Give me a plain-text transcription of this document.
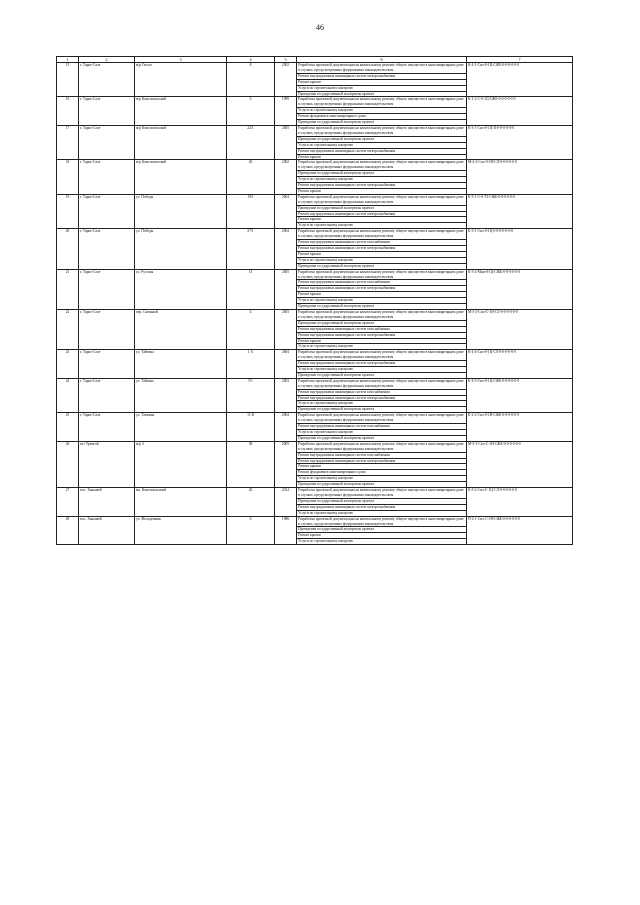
46
1	2	3	4	5	6	7
15	г. Тарко-Сале	м/р Геолог	8	2002	Разработка проектной документации на капитальному ремонту общего имущества в многоквартирном доме в случаях, предусмотренных федеральным законодательством	К-4-1-Сил-0-1Ц-СЖБ-0-0-0-0-0-0
					Ремонт внутридомовых инженерных систем электроснабжения	
					Ремонт крыши	
					Услуги по строительному контролю	
					Проведение государственной экспертизы проекта	
16	г. Тарко-Сале	м/р Комсомольский	5	1999	Разработка проектной документации на капитальному ремонту общего имущества в многоквартирном доме в случаях, предусмотренных федеральным законодательством	К-1-2-С-0-1Ц-СЖБ-0-0-0-0-0-0
					Услуги по строительному контролю	
					Ремонт фундамента многоквартирного дома	
					Проведение государственной экспертизы проекта	
17	г. Тарко-Сале	м/р Комсомольский	22/1	2005	Разработка проектной документации на капитальному ремонту общего имущества в многоквартирном доме в случаях, предусмотренных федеральным законодательством	К-3-1-Сил-0-1Ц-П-0-0-0-0-0-0
					Проведение государственной экспертизы проекта	
					Услуги по строительному контролю	
					Ремонт внутридомовых инженерных систем электроснабжения	
					Ремонт крыши	
18	г. Тарко-Сале	м/р Комсомольский	26	2002	Разработка проектной документации на капитальному ремонту общего имущества в многоквартирном доме в случаях, предусмотренных федеральным законодательством	М-2-2-Сил-0-1Н-СЛ-0-0-0-0-0-0
					Проведение государственной экспертизы проекта	
					Услуги по строительному контролю	
					Ремонт внутридомовых инженерных систем электроснабжения	
					Ремонт крыши	
19	г. Тарко-Сале	ул. Победы	19/1	2004	Разработка проектной документации на капитальному ремонту общего имущества в многоквартирном доме в случаях, предусмотренных федеральным законодательством	К-3-1-С-0-ТЗ-СЖБ-0-0-0-0-0-0
					Проведение государственной экспертизы проекта	
					Ремонт внутридомовых инженерных систем электроснабжения	
					Ремонт крыши	
					Услуги по строительному контролю	
20	г. Тарко-Сале	ул. Победы	27/1	2004	Разработка проектной документации на капитальному ремонту общего имущества в многоквартирном доме в случаях, предусмотренных федеральным законодательством	К-3-1-Сил-0-1Ц-0-0-0-0-0-0-0
					Ремонт внутридомовых инженерных систем газоснабжения	
					Ремонт внутридомовых инженерных систем электроснабжения	
					Ремонт крыши	
					Услуги по строительному контролю	
					Проведение государственной экспертизы проекта	
21	г. Тарко-Сале	ул. Русская	13	2005	Разработка проектной документации на капитальному ремонту общего имущества в многоквартирном доме в случаях, предусмотренных федеральным законодательством	К-5-2-Мин-0-1Ц-СЖБ-0-0-0-0-0-0
					Ремонт внутридомовых инженерных систем газоснабжения	
					Ремонт внутридомовых инженерных систем электроснабжения	
					Ремонт крыши	
					Услуги по строительному контролю	
					Проведение государственной экспертизы проекта	
22	г. Тарко-Сале	пер. Снежный	4	2003	Разработка проектной документации на капитальному ремонту общего имущества в многоквартирном доме в случаях, предусмотренных федеральным законодательством	М-3-2-Сил-С-1Н-СЛ-0-0-0-0-0-0
					Проведение государственной экспертизы проекта	
					Ремонт внутридомовых инженерных систем газоснабжения	
					Ремонт внутридомовых инженерных систем электроснабжения	
					Ремонт крыши	
					Услуги по строительному контролю	
23	г. Тарко-Сале	ул. Тайгина	1 А	2004	Разработка проектной документации на капитальному ремонту общего имущества в многоквартирном доме в случаях, предусмотренных федеральным законодательством	К-4-4-Сил-0-1Ц-СЛ-0-0-0-0-0-0
					Ремонт внутридомовых инженерных систем электроснабжения	
					Услуги по строительному контролю	
					Проведение государственной экспертизы проекта	
24	г. Тарко-Сале	ул. Тайгина	5/1	2003	Разработка проектной документации на капитальному ремонту общего имущества в многоквартирном доме в случаях, предусмотренных федеральным законодательством	К-4-3-Сил-0-1Ц-СЖБ-0-0-0-0-0-0
					Ремонт внутридомовых инженерных систем газоснабжения	
					Ремонт внутридомовых инженерных систем электроснабжения	
					Услуги по строительному контролю	
					Проведение государственной экспертизы проекта	
25	г. Тарко-Сале	ул. Таежная	11 В	2004	Разработка проектной документации на капитальному ремонту общего имущества в многоквартирном доме в случаях, предусмотренных федеральным законодательством	К-2-2-Сил-0-1Н-СЖБ-0-0-0-0-0-0
					Ремонт внутридомовых инженерных систем газоснабжения	
					Услуги по строительному контролю	
					Проведение государственной экспертизы проекта	
26	пгт Уренгой	м/р 4	38	2005	Разработка проектной документации на капитальному ремонту общего имущества в многоквартирном доме в случаях, предусмотренных федеральным законодательством	М-5-1-Сил-С-1Н-СЖБ-0-0-0-0-0-0
					Ремонт внутридомовых инженерных систем газоснабжения	
					Ремонт внутридомовых инженерных систем электроснабжения	
					Ремонт крыши	
					Ремонт фундамента многоквартирного дома	
					Услуги по строительному контролю	
					Проведение государственной экспертизы проекта	
27	пос. Ханымей	мк. Комсомольский	20	2014	Разработка проектной документации на капитальному ремонту общего имущества в многоквартирном доме в случаях, предусмотренных федеральным законодательством	К-5-2-Сил-С-1Ц-СЛ-0-0-0-0-0-0
					Проведение государственной экспертизы проекта	
					Ремонт внутридомовых инженерных систем электроснабжения	
					Услуги по строительному контролю	
28	пос. Ханымей	ул. Молодежная	8	1986	Разработка проектной документации на капитальному ремонту общего имущества в многоквартирном доме в случаях, предусмотренных федеральным законодательством	П-2-1-Сил-С-1Н-СЖБ-0-0-0-0-0-0
					Проведение государственной экспертизы проекта	
					Ремонт крыши	
					Услуги по строительному контролю	
